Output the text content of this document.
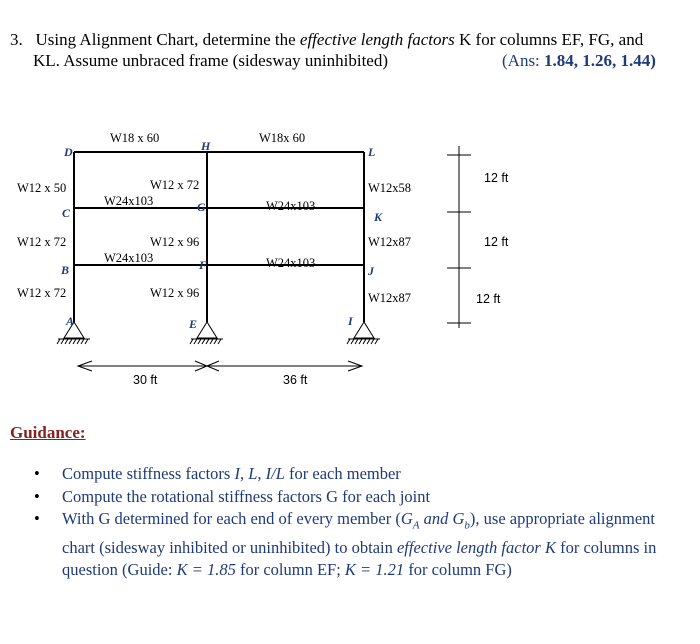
3. Using Alignment Chart, determine the effective length factors K for columns EF, FG, and
KL. Assume unbraced frame (sidesway uninhibited)	(Ans: 1.84, 1.26, 1.44)
30 ft	36 ft
12 ft
12 ft
12 ft
W18 x 60	W18x 60
W12 x 50	W12 x 72
W24x103	W24x103
W12x58
W12 x 72	W12 x 96
W24x103	W24x103
W12x87
W12 x 72	W12 x 96	W12x87
D	H	L
C	G
K
B	F	J
A	E	I
Guidance:
• Compute stiffness factors I, L, I/L for each member
• Compute the rotational stiffness factors G for each joint
• With G determined for each end of every member ($G_A$ and $G_b$), use appropriate alignment chart (sidesway inhibited or uninhibited) to obtain effective length factor K for columns in question (Guide: K = 1.85 for column EF; K = 1.21 for column FG)
